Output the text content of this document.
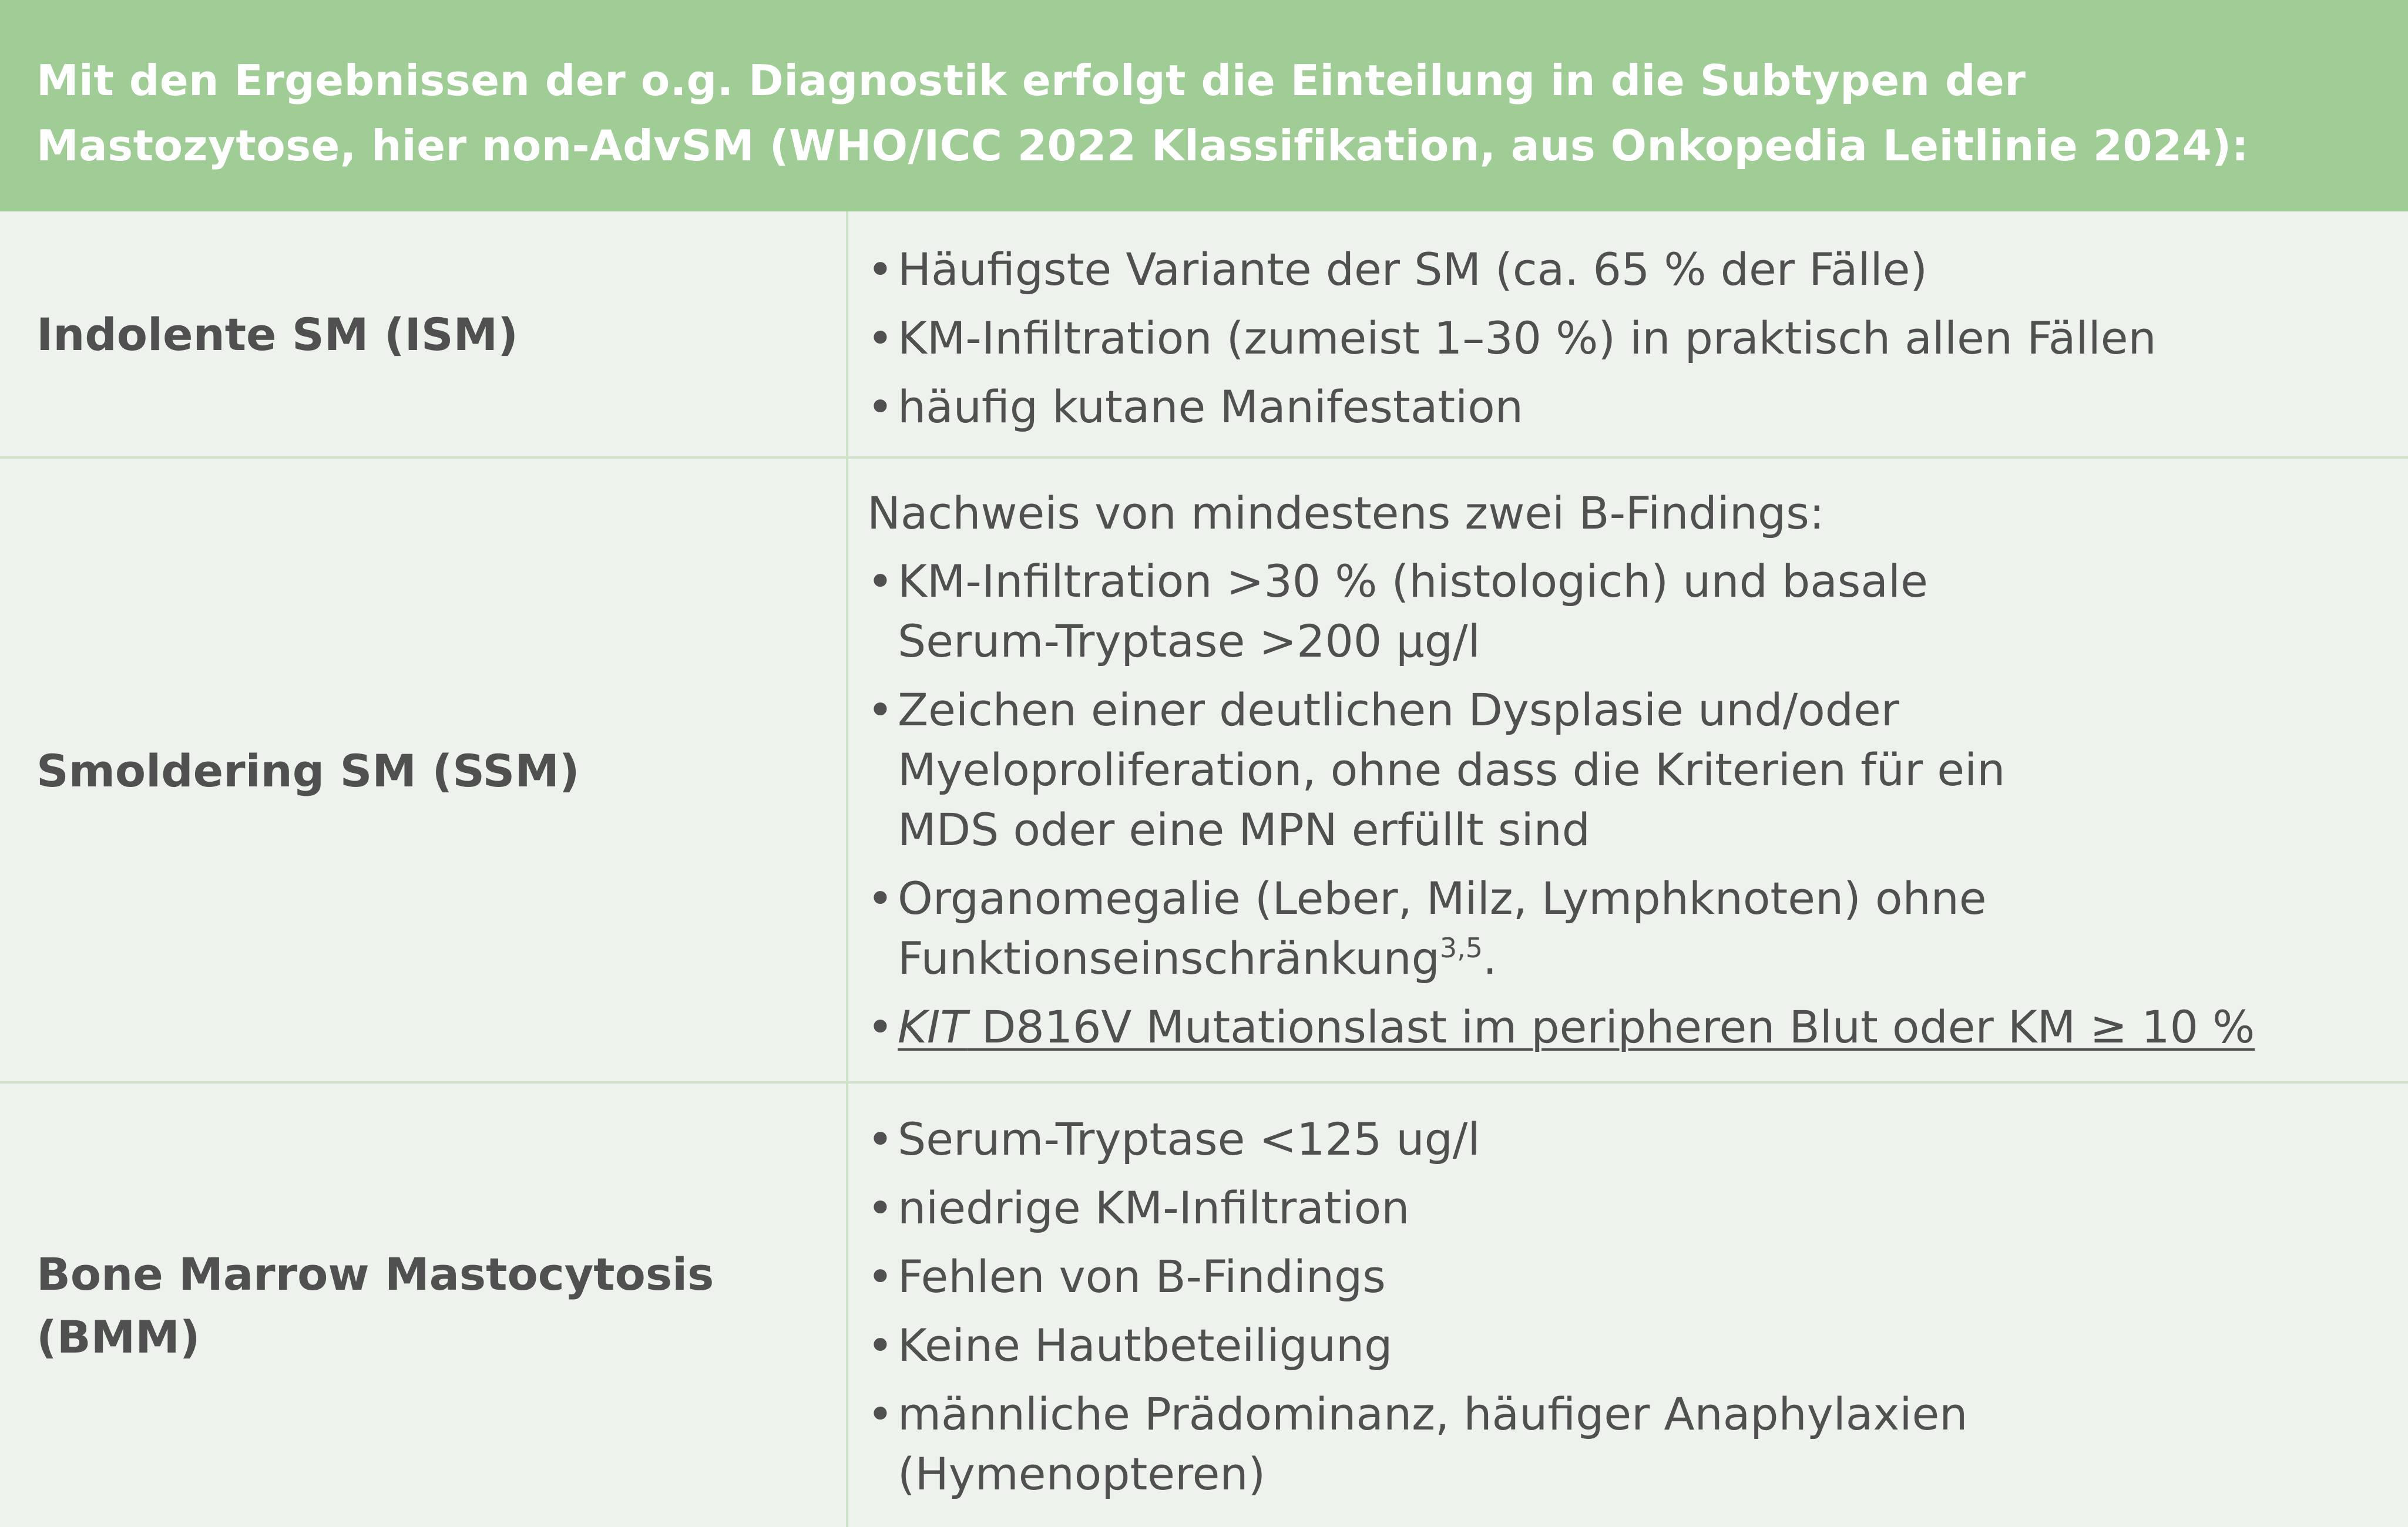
Mit den Ergebnissen der o.g. Diagnostik erfolgt die Einteilung in die Subtypen der
Mastozytose, hier non-AdvSM (WHO/ICC 2022 Klassifikation, aus Onkopedia Leitlinie 2024):
Indolente SM (ISM)
• Häufigste Variante der SM (ca. 65 % der Fälle)
• KM-Infiltration (zumeist 1–30 %) in praktisch allen Fällen
• häufig kutane Manifestation
Smoldering SM (SSM)
Nachweis von mindestens zwei B-Findings:
• KM-Infiltration >30 % (histologich) und basale Serum-Tryptase >200 µg/l
• Zeichen einer deutlichen Dysplasie und/oder Myeloproliferation, ohne dass die Kriterien für ein MDS oder eine MPN erfüllt sind
• Organomegalie (Leber, Milz, Lymphknoten) ohne Funktionseinschränkung$^{3,5}$.
• KIT D816V Mutationslast im peripheren Blut oder KM ≥ 10 %
Bone Marrow Mastocytosis (BMM)
• Serum-Tryptase <125 ug/l
• niedrige KM-Infiltration
• Fehlen von B-Findings
• Keine Hautbeteiligung
• männliche Prädominanz, häufiger Anaphylaxien (Hymenopteren)
